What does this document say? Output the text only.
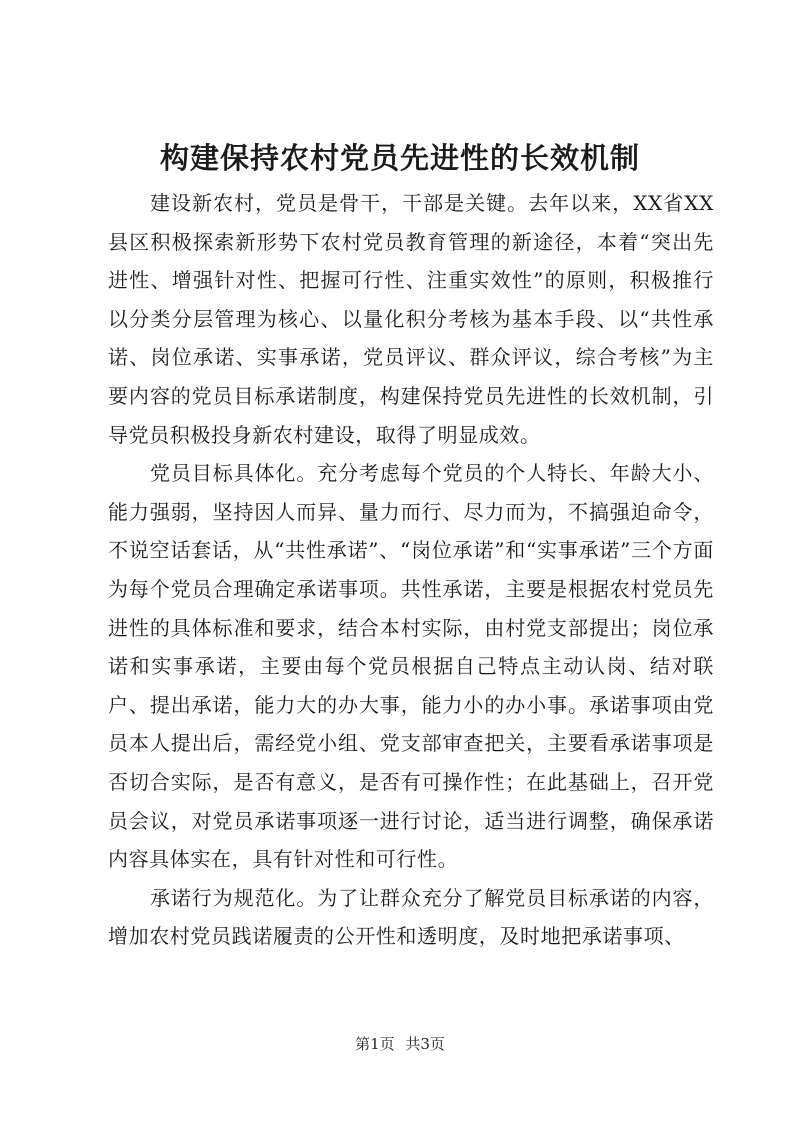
构建保持农村党员先进性的长效机制

建设新农村，党员是骨干，干部是关键。去年以来，XX省XX县区积极探索新形势下农村党员教育管理的新途径，本着“突出先进性、增强针对性、把握可行性、注重实效性”的原则，积极推行以分类分层管理为核心、以量化积分考核为基本手段、以“共性承诺、岗位承诺、实事承诺，党员评议、群众评议，综合考核”为主要内容的党员目标承诺制度，构建保持党员先进性的长效机制，引导党员积极投身新农村建设，取得了明显成效。

党员目标具体化。充分考虑每个党员的个人特长、年龄大小、能力强弱，坚持因人而异、量力而行、尽力而为，不搞强迫命令，不说空话套话，从“共性承诺”、“岗位承诺”和“实事承诺”三个方面为每个党员合理确定承诺事项。共性承诺，主要是根据农村党员先进性的具体标准和要求，结合本村实际，由村党支部提出；岗位承诺和实事承诺，主要由每个党员根据自己特点主动认岗、结对联户、提出承诺，能力大的办大事，能力小的办小事。承诺事项由党员本人提出后，需经党小组、党支部审查把关，主要看承诺事项是否切合实际，是否有意义，是否有可操作性；在此基础上，召开党员会议，对党员承诺事项逐一进行讨论，适当进行调整，确保承诺内容具体实在，具有针对性和可行性。

承诺行为规范化。为了让群众充分了解党员目标承诺的内容，增加农村党员践诺履责的公开性和透明度，及时地把承诺事项、

第1页 共3页
